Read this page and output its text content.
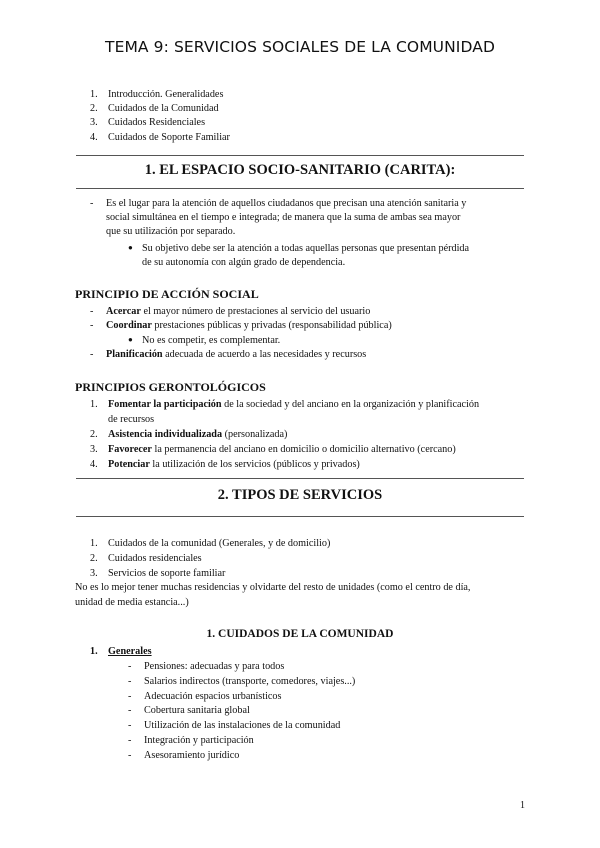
TEMA 9: SERVICIOS SOCIALES DE LA COMUNIDAD
1. Introducción. Generalidades
2. Cuidados de la Comunidad
3. Cuidados Residenciales
4. Cuidados de Soporte Familiar
1. EL ESPACIO SOCIO-SANITARIO (CARITA):
- Es el lugar para la atención de aquellos ciudadanos que precisan una atención sanitaria y
social simultánea en el tiempo e integrada; de manera que la suma de ambas sea mayor
que su utilización por separado.
● Su objetivo debe ser la atención a todas aquellas personas que presentan pérdida
de su autonomía con algún grado de dependencia.
PRINCIPIO DE ACCIÓN SOCIAL
- Acercar el mayor número de prestaciones al servicio del usuario
- Coordinar prestaciones públicas y privadas (responsabilidad pública)
● No es competir, es complementar.
- Planificación adecuada de acuerdo a las necesidades y recursos
PRINCIPIOS GERONTOLÓGICOS
1. Fomentar la participación de la sociedad y del anciano en la organización y planificación
de recursos
2. Asistencia individualizada (personalizada)
3. Favorecer la permanencia del anciano en domicilio o domicilio alternativo (cercano)
4. Potenciar la utilización de los servicios (públicos y privados)
2. TIPOS DE SERVICIOS
1. Cuidados de la comunidad (Generales, y de domicilio)
2. Cuidados residenciales
3. Servicios de soporte familiar
No es lo mejor tener muchas residencias y olvidarte del resto de unidades (como el centro de día,
unidad de media estancia...)
1. CUIDADOS DE LA COMUNIDAD
1. Generales
- Pensiones: adecuadas y para todos
- Salarios indirectos (transporte, comedores, viajes...)
- Adecuación espacios urbanísticos
- Cobertura sanitaria global
- Utilización de las instalaciones de la comunidad
- Integración y participación
- Asesoramiento jurídico
1
